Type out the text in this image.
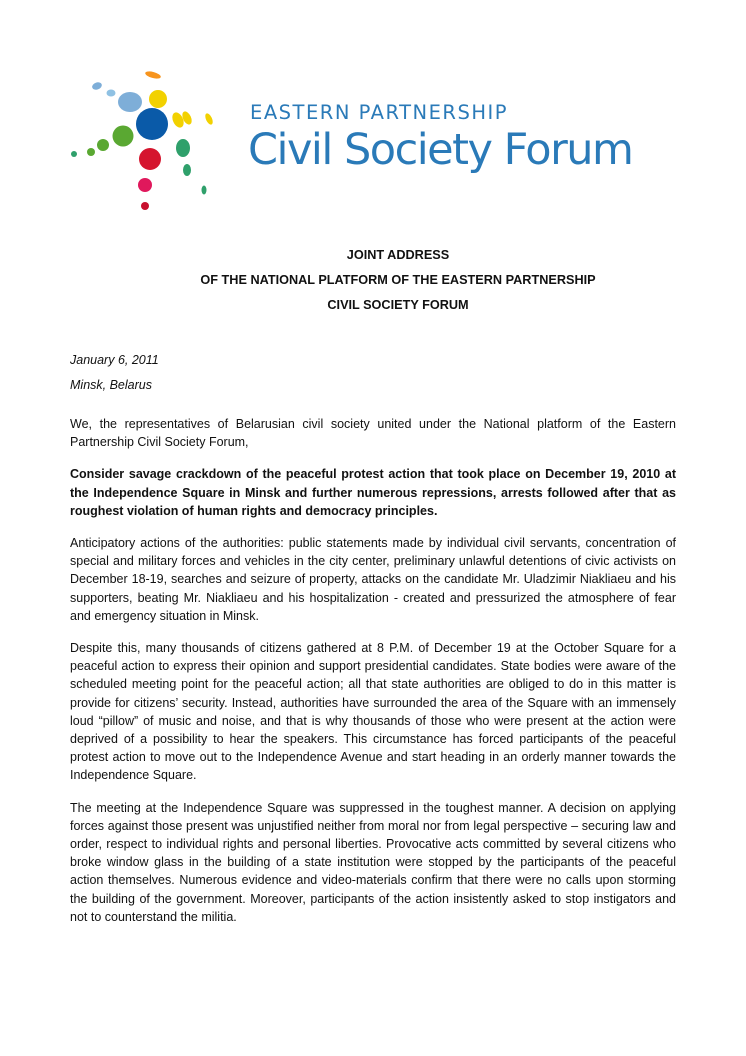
EASTERN PARTNERSHIP
Civil Society Forum
JOINT ADDRESS
OF THE NATIONAL PLATFORM OF THE EASTERN PARTNERSHIP
CIVIL SOCIETY FORUM
January 6, 2011
Minsk, Belarus

We, the representatives of Belarusian civil society united under the National platform of the Eastern Partnership Civil Society Forum,

Consider savage crackdown of the peaceful protest action that took place on December 19, 2010 at the Independence Square in Minsk and further numerous repressions, arrests followed after that as roughest violation of human rights and democracy principles.

Anticipatory actions of the authorities: public statements made by individual civil servants, concentration of special and military forces and vehicles in the city center, preliminary unlawful detentions of civic activists on December 18-19, searches and seizure of property, attacks on the candidate Mr. Uladzimir Niakliaeu and his supporters, beating Mr. Niakliaeu and his hospitalization - created and pressurized the atmosphere of fear and emergency situation in Minsk.

Despite this, many thousands of citizens gathered at 8 P.M. of December 19 at the October Square for a peaceful action to express their opinion and support presidential candidates. State bodies were aware of the scheduled meeting point for the peaceful action; all that state authorities are obliged to do in this matter is provide for citizens’ security. Instead, authorities have surrounded the area of the Square with an immensely loud “pillow” of music and noise, and that is why thousands of those who were present at the action were deprived of a possibility to hear the speakers. This circumstance has forced participants of the peaceful protest action to move out to the Independence Avenue and start heading in an orderly manner towards the Independence Square.

The meeting at the Independence Square was suppressed in the toughest manner. A decision on applying forces against those present was unjustified neither from moral nor from legal perspective – securing law and order, respect to individual rights and personal liberties. Provocative acts committed by several citizens who broke window glass in the building of a state institution were stopped by the participants of the peaceful action themselves. Numerous evidence and video-materials confirm that there were no calls upon storming the building of the government. Moreover, participants of the action insistently asked to stop instigators and not to counterstand the militia.
